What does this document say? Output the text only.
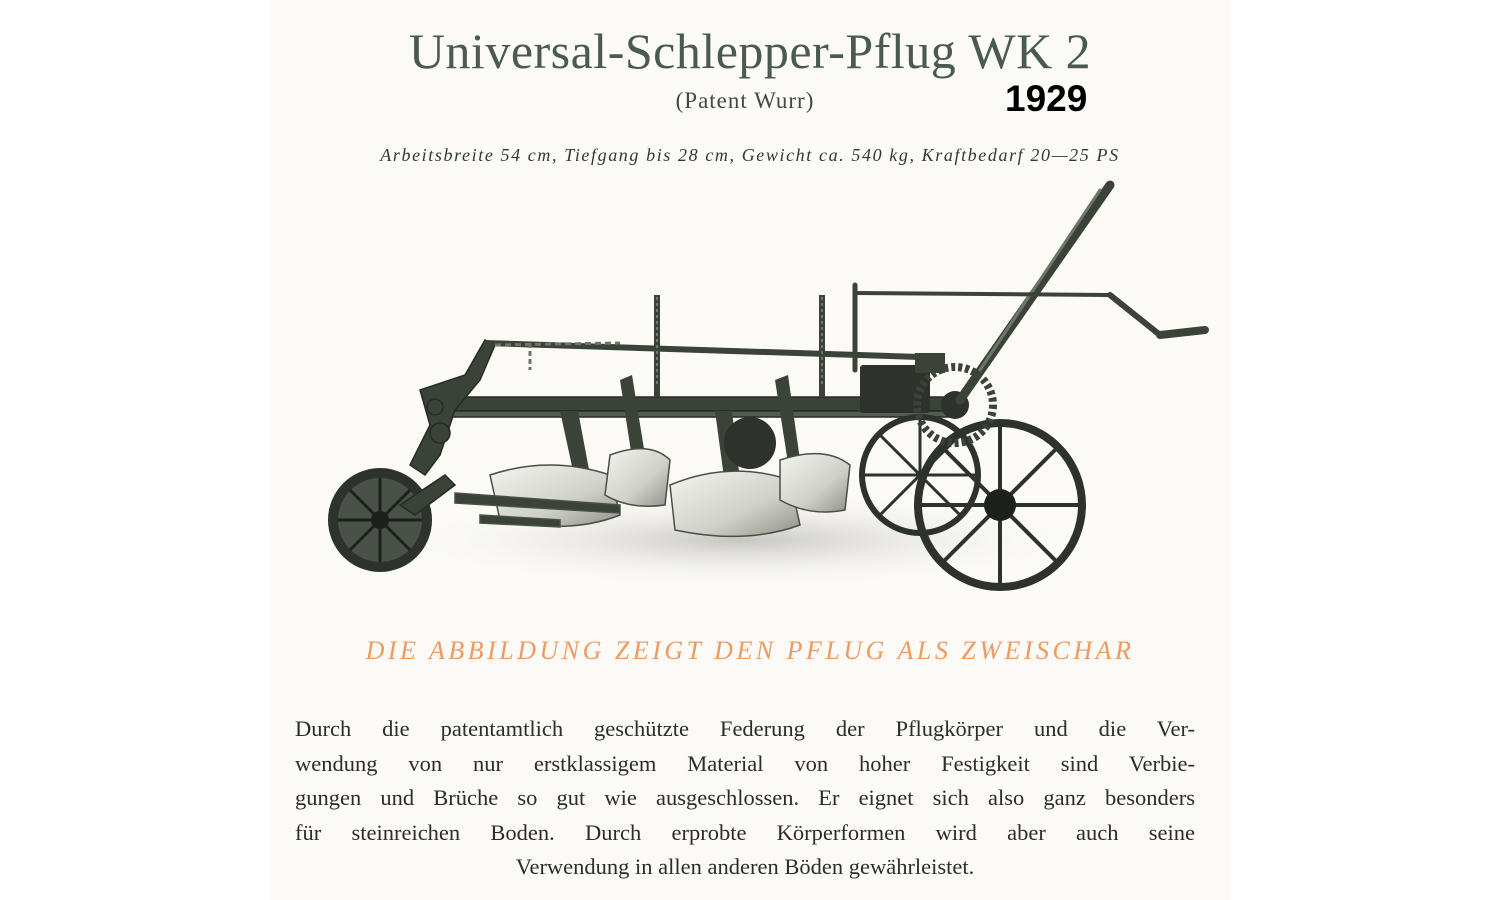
Universal-Schlepper-Pflug WK 2
(Patent Wurr)	1929
Arbeitsbreite 54 cm, Tiefgang bis 28 cm, Gewicht ca. 540 kg, Kraftbedarf 20—25 PS
DIE ABBILDUNG ZEIGT DEN PFLUG ALS ZWEISCHAR
Durch die patentamtlich geschützte Federung der Pflugkörper und die Ver-
wendung von nur erstklassigem Material von hoher Festigkeit sind Verbie-
gungen und Brüche so gut wie ausgeschlossen. Er eignet sich also ganz besonders
für steinreichen Boden. Durch erprobte Körperformen wird aber auch seine
Verwendung in allen anderen Böden gewährleistet.
